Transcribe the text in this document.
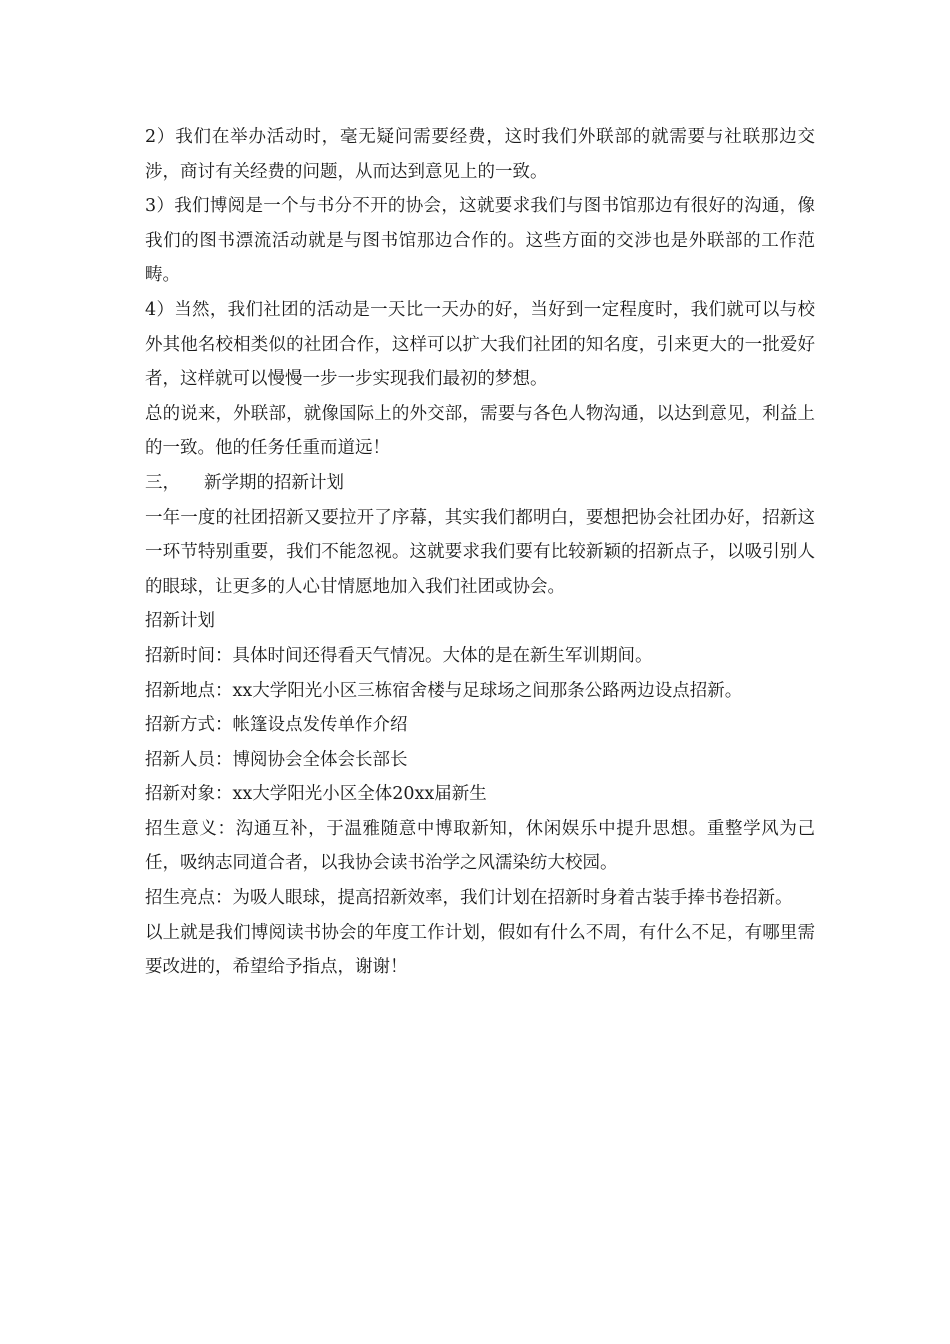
2）我们在举办活动时，毫无疑问需要经费，这时我们外联部的就需要与社联那边交涉，商讨有关经费的问题，从而达到意见上的一致。

3）我们博阅是一个与书分不开的协会，这就要求我们与图书馆那边有很好的沟通，像我们的图书漂流活动就是与图书馆那边合作的。这些方面的交涉也是外联部的工作范畴。

4）当然，我们社团的活动是一天比一天办的好，当好到一定程度时，我们就可以与校外其他名校相类似的社团合作，这样可以扩大我们社团的知名度，引来更大的一批爱好者，这样就可以慢慢一步一步实现我们最初的梦想。

总的说来，外联部，就像国际上的外交部，需要与各色人物沟通，以达到意见，利益上的一致。他的任务任重而道远！

三， 新学期的招新计划

一年一度的社团招新又要拉开了序幕，其实我们都明白，要想把协会社团办好，招新这一环节特别重要，我们不能忽视。这就要求我们要有比较新颖的招新点子，以吸引别人的眼球，让更多的人心甘情愿地加入我们社团或协会。

招新计划

招新时间：具体时间还得看天气情况。大体的是在新生军训期间。

招新地点：xx大学阳光小区三栋宿舍楼与足球场之间那条公路两边设点招新。

招新方式：帐篷设点发传单作介绍

招新人员：博阅协会全体会长部长

招新对象：xx大学阳光小区全体20xx届新生

招生意义：沟通互补，于温雅随意中博取新知，休闲娱乐中提升思想。重整学风为己任，吸纳志同道合者，以我协会读书治学之风濡染纺大校园。

招生亮点：为吸人眼球，提高招新效率，我们计划在招新时身着古装手捧书卷招新。

以上就是我们博阅读书协会的年度工作计划，假如有什么不周，有什么不足，有哪里需要改进的，希望给予指点，谢谢！
